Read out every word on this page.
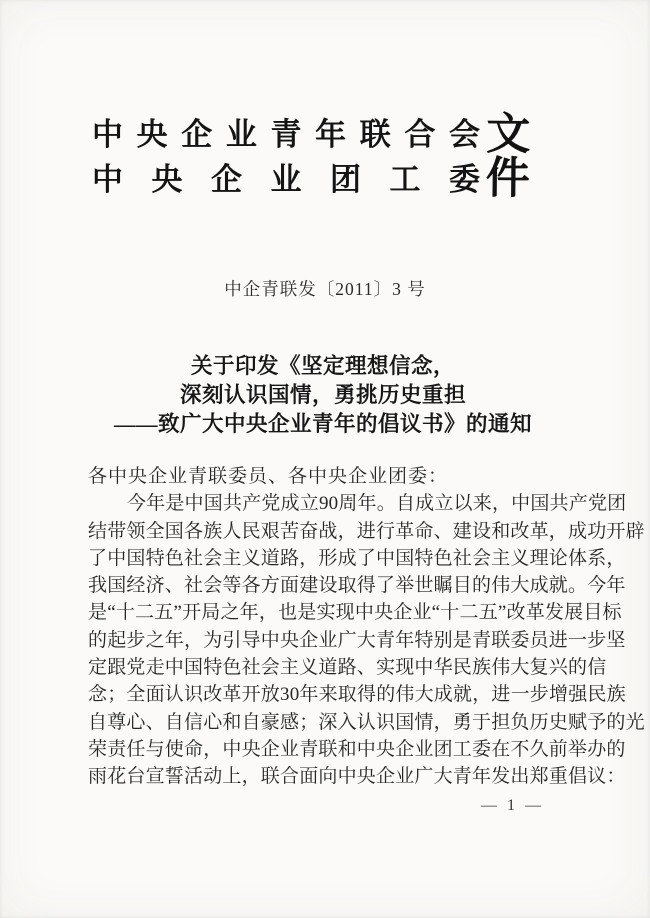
中央企业青年联合会
中央企业团工委
文件
中企青联发〔2011〕3 号
关于印发《坚定理想信念，
深刻认识国情，勇挑历史重担
——致广大中央企业青年的倡议书》的通知
各中央企业青联委员、各中央企业团委：
今年是中国共产党成立90周年。自成立以来，中国共产党团
结带领全国各族人民艰苦奋战，进行革命、建设和改革，成功开辟
了中国特色社会主义道路，形成了中国特色社会主义理论体系，
我国经济、社会等各方面建设取得了举世瞩目的伟大成就。今年
是“十二五”开局之年，也是实现中央企业“十二五”改革发展目标
的起步之年，为引导中央企业广大青年特别是青联委员进一步坚
定跟党走中国特色社会主义道路、实现中华民族伟大复兴的信
念；全面认识改革开放30年来取得的伟大成就，进一步增强民族
自尊心、自信心和自豪感；深入认识国情，勇于担负历史赋予的光
荣责任与使命，中央企业青联和中央企业团工委在不久前举办的
雨花台宣誓活动上，联合面向中央企业广大青年发出郑重倡议：
— 1 —
